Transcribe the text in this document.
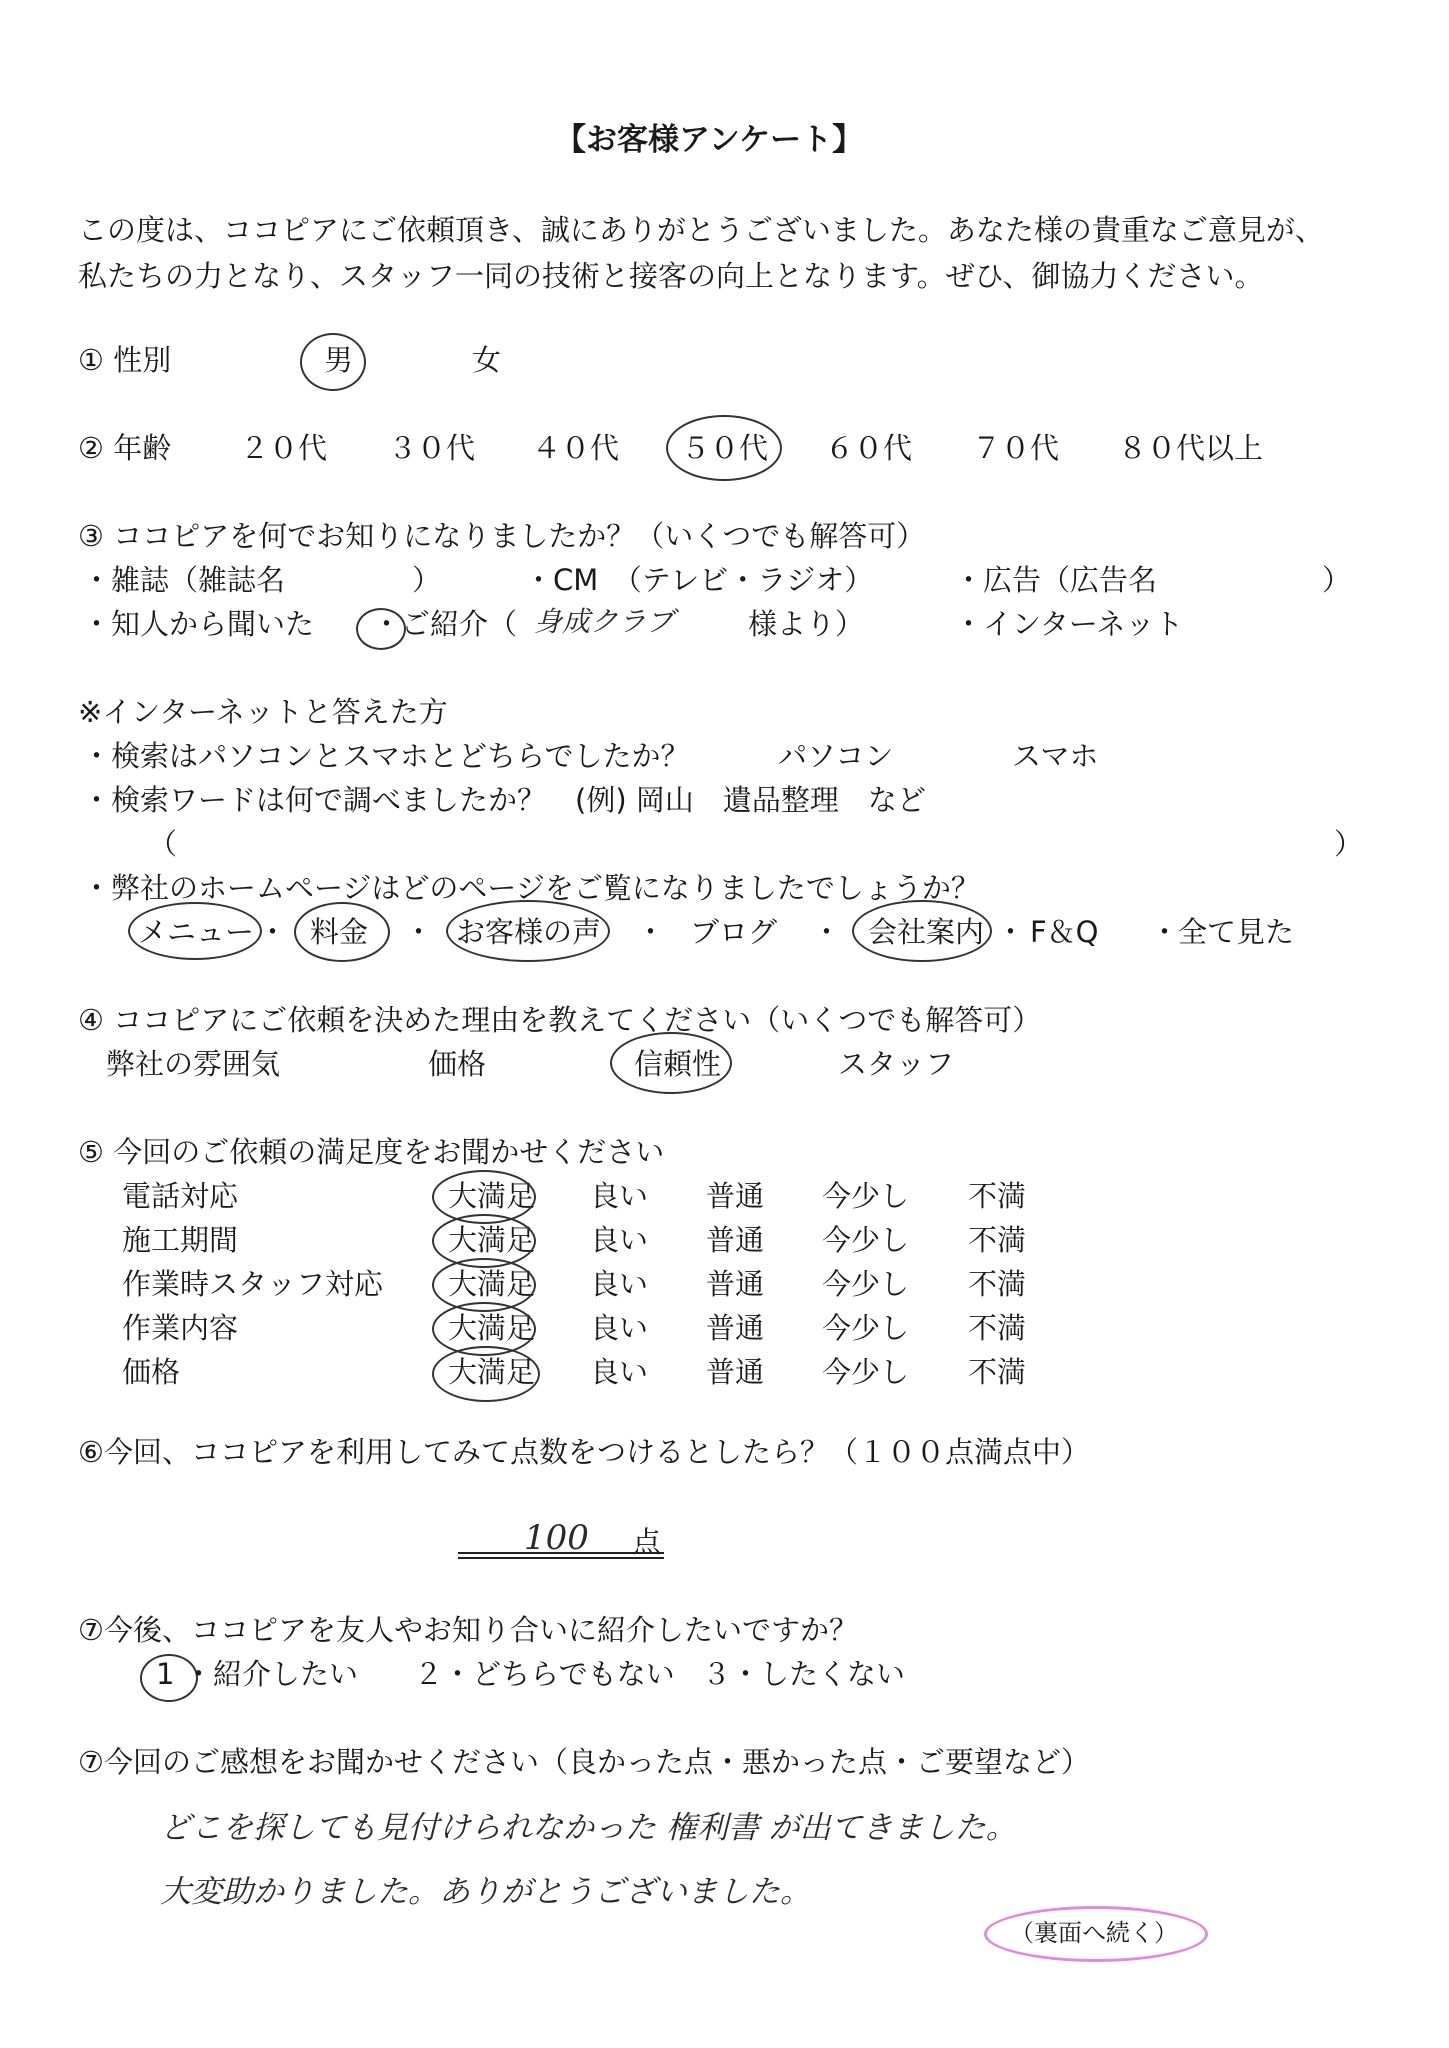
【お客様アンケート】
この度は、ココピアにご依頼頂き、誠にありがとうございました。あなた様の貴重なご意見が、
私たちの力となり、スタッフ一同の技術と接客の向上となります。ぜひ、御協力ください。
① 性別	男	女
② 年齢 ２０代 ３０代 ４０代 ５０代 ６０代 ７０代 ８０代以上
③ ココピアを何でお知りになりましたか？（いくつでも解答可）
・雑誌（雑誌名	）	・CM　（テレビ・ラジオ）	・広告（広告名	）
・知人から聞いた ・ご紹介（ 身成クラブ	様より）	・インターネット
※インターネットと答えた方
・検索はパソコンとスマホとどちらでしたか？	パソコン	スマホ
・検索ワードは何で調べましたか？　(例) 岡山　遺品整理　など
（	）
・弊社のホームページはどのページをご覧になりましたでしょうか？
メニュー ・ 料金 ・ お客様の声 ・ ブログ ・ 会社案内 ・ F＆Q ・
全て見た
④ ココピアにご依頼を決めた理由を教えてください（いくつでも解答可）
弊社の雰囲気	価格	信頼性	スタッフ
⑤ 今回のご依頼の満足度をお聞かせください
電話対応	大満足 良い 普通 今少し 不満
施工期間	大満足 良い 普通 今少し 不満
作業時スタッフ対応 大満足 良い 普通 今少し 不満
作業内容	大満足 良い 普通 今少し 不満
価格	大満足 良い 普通 今少し 不満
⑥今回、ココピアを利用してみて点数をつけるとしたら？（１００点満点中）
100 点
⑦今後、ココピアを友人やお知り合いに紹介したいですか？
1 ・紹介したい ２・どちらでもない ３・したくない
⑦今回のご感想をお聞かせください（良かった点・悪かった点・ご要望など）
どこを探しても見付けられなかった 権利書 が出てきました。
大変助かりました。ありがとうございました。
（裏面へ続く）
